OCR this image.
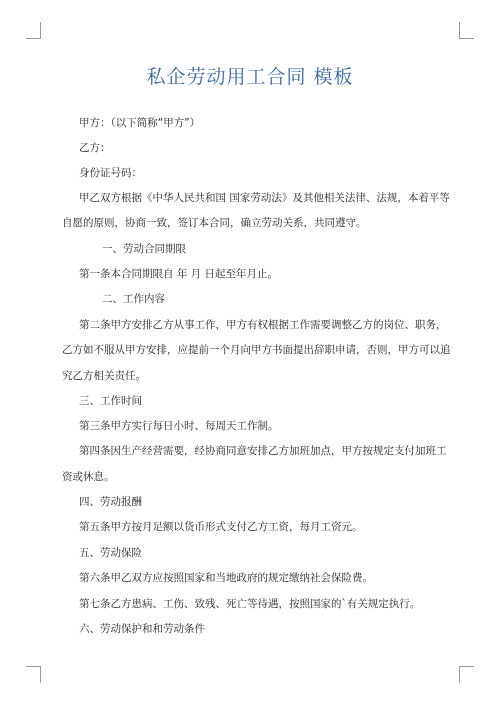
私企劳动用工合同 模板
甲方：（以下简称“甲方”）
乙方：
身份证号码：
甲乙双方根据《中华人民共和国 国家劳动法》及其他相关法律、法规，本着平等
自愿的原则，协商一致，签订本合同，确立劳动关系，共同遵守。
一、劳动合同期限
第一条本合同期限自 年 月 日起至年月止。
二、工作内容
第二条甲方安排乙方从事工作，甲方有权根据工作需要调整乙方的岗位、职务，
乙方如不服从甲方安排，应提前一个月向甲方书面提出辞职申请，否则，甲方可以追
究乙方相关责任。
三、工作时间
第三条甲方实行每日小时、每周天工作制。
第四条因生产经营需要，经协商同意安排乙方加班加点，甲方按规定支付加班工
资或休息。
四、劳动报酬
第五条甲方按月足额以货币形式支付乙方工资，每月工资元。
五、劳动保险
第六条甲乙双方应按照国家和当地政府的规定缴纳社会保险费。
第七条乙方患病、工伤、致残、死亡等待遇，按照国家的`有关规定执行。
六、劳动保护和和劳动条件
